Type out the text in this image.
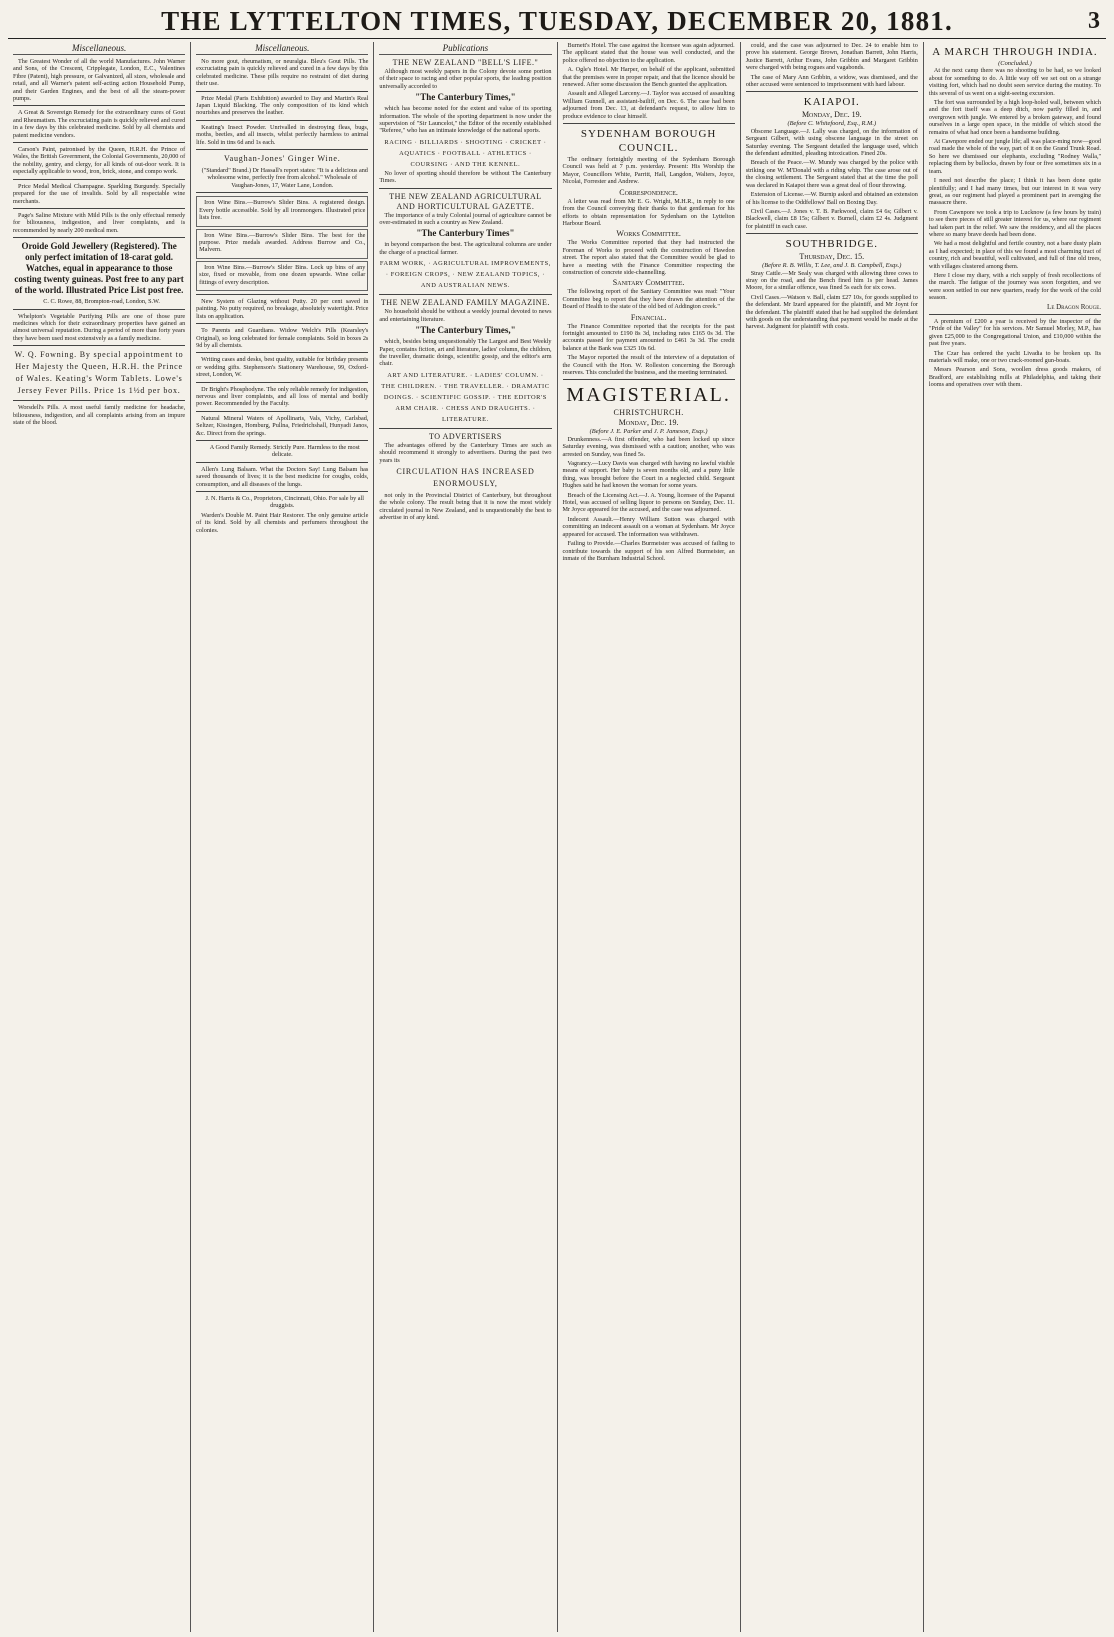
THE LYTTELTON TIMES, TUESDAY, DECEMBER 20, 1881.	3
Miscellaneous.

The Greatest Wonder of all the world Manufactures. John Warner and Sons, of the Crescent, Cripplegate, London, E.C., Valentines Fibre (Patent), high pressure, or Galvanized, all sizes, wholesale and retail, and all Warner's patent self-acting action Household Pump, and their Garden Engines, and the best of all the steam-power pumps.

A Great & Sovereign Remedy for the extraordinary cures of Gout and Rheumatism. The excruciating pain is quickly relieved and cured in a few days by this celebrated medicine. Sold by all chemists and patent medicine vendors.

Carson's Paint, patronised by the Queen, H.R.H. the Prince of Wales, the British Government, the Colonial Governments, 20,000 of the nobility, gentry, and clergy, for all kinds of out-door work. It is especially applicable to wood, iron, brick, stone, and compo work.

Price Medal Medical Champagne. Sparkling Burgundy. Specially prepared for the use of invalids. Sold by all respectable wine merchants.

Page's Saline Mixture with Mild Pills is the only effectual remedy for biliousness, indigestion, and liver complaints, and is recommended by nearly 200 medical men.

Oroide Gold Jewellery (Registered). The only perfect imitation of 18-carat gold. Watches, equal in appearance to those costing twenty guineas. Post free to any part of the world. Illustrated Price List post free.

C. C. Rowe, 88, Brompton-road, London, S.W.

Whelpton's Vegetable Purifying Pills are one of those pure medicines which for their extraordinary properties have gained an almost universal reputation. During a period of more than forty years they have been used most extensively as a family medicine.

W. Q. Fowning. By special appointment to Her Majesty the Queen, H.R.H. the Prince of Wales. Keating's Worm Tablets. Lowe's Jersey Fever Pills. Price 1s 1½d per box.

Worsdell's Pills. A most useful family medicine for headache, biliousness, indigestion, and all complaints arising from an impure state of the blood.

Miscellaneous.

No more gout, rheumatism, or neuralgia. Bleu's Gout Pills. The excruciating pain is quickly relieved and cured in a few days by this celebrated medicine. These pills require no restraint of diet during their use.

Prize Medal (Paris Exhibition) awarded to Day and Martin's Real Japan Liquid Blacking. The only composition of its kind which nourishes and preserves the leather.

Keating's Insect Powder. Unrivalled in destroying fleas, bugs, moths, beetles, and all insects, whilst perfectly harmless to animal life. Sold in tins 6d and 1s each.

Vaughan-Jones' Ginger Wine.

("Standard" Brand.) Dr Hassall's report states: "It is a delicious and wholesome wine, perfectly free from alcohol." Wholesale of Vaughan-Jones, 17, Water Lane, London.

Iron Wine Bins.—Burrow's Slider Bins. A registered design. Every bottle accessible. Sold by all ironmongers. Illustrated price lists free.

Iron Wine Bins.—Burrow's Slider Bins. The best for the purpose. Prize medals awarded. Address Burrow and Co., Malvern.

Iron Wine Bins.—Burrow's Slider Bins. Lock up bins of any size, fixed or movable, from one dozen upwards. Wine cellar fittings of every description.

New System of Glazing without Putty. 20 per cent saved in painting. No putty required, no breakage, absolutely watertight. Price lists on application.

To Parents and Guardians. Widow Welch's Pills (Kearsley's Original), so long celebrated for female complaints. Sold in boxes 2s 9d by all chemists.

Writing cases and desks, best quality, suitable for birthday presents or wedding gifts. Stephenson's Stationery Warehouse, 99, Oxford-street, London, W.

Dr Bright's Phosphodyne. The only reliable remedy for indigestion, nervous and liver complaints, and all loss of mental and bodily power. Recommended by the Faculty.

Natural Mineral Waters of Apollinaris, Vals, Vichy, Carlsbad, Seltzer, Kissingen, Homburg, Pullna, Friedrichshall, Hunyadi Janos, &c. Direct from the springs.

A Good Family Remedy. Strictly Pure. Harmless to the most delicate.

Allen's Lung Balsam. What the Doctors Say! Lung Balsam has saved thousands of lives; it is the best medicine for coughs, colds, consumption, and all diseases of the lungs.

J. N. Harris & Co., Proprietors, Cincinnati, Ohio. For sale by all druggists.

Warden's Double M. Paint Hair Restorer. The only genuine article of its kind. Sold by all chemists and perfumers throughout the colonies.

Publications
THE NEW ZEALAND "BELL'S LIFE."

Although most weekly papers in the Colony devote some portion of their space to racing and other popular sports, the leading position universally accorded to

"The Canterbury Times,"

which has become noted for the extent and value of its sporting information. The whole of the sporting department is now under the supervision of "Sir Launcelot," the Editor of the recently established "Referee," who has an intimate knowledge of the national sports.

RACING · BILLIARDS · SHOOTING · CRICKET · AQUATICS · FOOTBALL · ATHLETICS · COURSING · AND THE KENNEL.

No lover of sporting should therefore be without The Canterbury Times.

THE NEW ZEALAND AGRICULTURAL AND HORTICULTURAL GAZETTE.

The importance of a truly Colonial journal of agriculture cannot be over-estimated in such a country as New Zealand.

"The Canterbury Times"

in beyond comparison the best. The agricultural columns are under the charge of a practical farmer.

FARM WORK, · AGRICULTURAL IMPROVEMENTS, · FOREIGN CROPS, · NEW ZEALAND TOPICS, · AND AUSTRALIAN NEWS.
THE NEW ZEALAND FAMILY MAGAZINE.

No household should be without a weekly journal devoted to news and entertaining literature.

"The Canterbury Times,"

which, besides being unquestionably The Largest and Best Weekly Paper, contains fiction, art and literature, ladies' column, the children, the traveller, dramatic doings, scientific gossip, and the editor's arm chair.

ART AND LITERATURE. · LADIES' COLUMN. · THE CHILDREN. · THE TRAVELLER. · DRAMATIC DOINGS. · SCIENTIFIC GOSSIP. · THE EDITOR'S ARM CHAIR. · CHESS AND DRAUGHTS. · LITERATURE.
TO ADVERTISERS

The advantages offered by the Canterbury Times are such as should recommend it strongly to advertisers. During the past two years its

CIRCULATION HAS INCREASED ENORMOUSLY,

not only in the Provincial District of Canterbury, but throughout the whole colony. The result being that it is now the most widely circulated journal in New Zealand, and is unquestionably the best to advertise in of any kind.

Burnett's Hotel. The case against the licensee was again adjourned. The applicant stated that the house was well conducted, and the police offered no objection to the application.

A. Ogle's Hotel. Mr Harper, on behalf of the applicant, submitted that the premises were in proper repair, and that the licence should be renewed. After some discussion the Bench granted the application.

Assault and Alleged Larceny.—J. Taylor was accused of assaulting William Gunnell, an assistant-bailiff, on Dec. 6. The case had been adjourned from Dec. 13, at defendant's request, to allow him to produce evidence to clear himself.

SYDENHAM BOROUGH COUNCIL.

The ordinary fortnightly meeting of the Sydenham Borough Council was held at 7 p.m. yesterday. Present: His Worship the Mayor, Councillors White, Parritt, Hall, Langdon, Walters, Joyce, Nicolai, Forrester and Andrew.

Correspondence.

A letter was read from Mr E. G. Wright, M.H.R., in reply to one from the Council conveying their thanks to that gentleman for his efforts to obtain representation for Sydenham on the Lyttelton Harbour Board.

Works Committee.

The Works Committee reported that they had instructed the Foreman of Works to proceed with the construction of Hawdon street. The report also stated that the Committee would be glad to have a meeting with the Finance Committee respecting the construction of concrete side-channelling.

Sanitary Committee.

The following report of the Sanitary Committee was read: "Your Committee beg to report that they have drawn the attention of the Board of Health to the state of the old bed of Addington creek."

Financial.

The Finance Committee reported that the receipts for the past fortnight amounted to £190 8s 3d, including rates £165 0s 3d. The accounts passed for payment amounted to £461 3s 3d. The credit balance at the Bank was £325 10s 6d.

The Mayor reported the result of the interview of a deputation of the Council with the Hon. W. Rolleston concerning the Borough reserves. This concluded the business, and the meeting terminated.

MAGISTERIAL.
CHRISTCHURCH.
Monday, Dec. 19.
(Before J. E. Parker and J. P. Jameson, Esqs.)

Drunkenness.—A first offender, who had been locked up since Saturday evening, was dismissed with a caution; another, who was arrested on Sunday, was fined 5s.

Vagrancy.—Lucy Davis was charged with having no lawful visible means of support. Her baby is seven months old, and a puny little thing, was brought before the Court in a neglected child. Sergeant Hughes said he had known the woman for some years.

Breach of the Licensing Act.—J. A. Young, licensee of the Papanui Hotel, was accused of selling liquor to persons on Sunday, Dec. 11. Mr Joyce appeared for the accused, and the case was adjourned.

Indecent Assault.—Henry William Sutton was charged with committing an indecent assault on a woman at Sydenham. Mr Joyce appeared for accused. The information was withdrawn.

Failing to Provide.—Charles Burmeister was accused of failing to contribute towards the support of his son Alfred Burmeister, an inmate of the Burnham Industrial School.

could, and the case was adjourned to Dec. 24 to enable him to prove his statement. George Brown, Jonathan Barrett, John Harris, Justice Barrett, Arthur Evans, John Gribbin and Margaret Gribbin were charged with being rogues and vagabonds.

The case of Mary Ann Gribbin, a widow, was dismissed, and the other accused were sentenced to imprisonment with hard labour.

KAIAPOI.
Monday, Dec. 19.
(Before C. Whitefoord, Esq., R.M.)

Obscene Language.—J. Lally was charged, on the information of Sergeant Gilbert, with using obscene language in the street on Saturday evening. The Sergeant detailed the language used, which the defendant admitted, pleading intoxication. Fined 20s.

Breach of the Peace.—W. Mundy was charged by the police with striking one W. M'Donald with a riding whip. The case arose out of the closing settlement. The Sergeant stated that at the time the poll was declared in Kaiapoi there was a great deal of flour throwing.

Extension of License.—W. Burnip asked and obtained an extension of his license to the Oddfellows' Ball on Boxing Day.

Civil Cases.—J. Jones v. T. B. Parkwood, claim £4 6s; Gilbert v. Blackwell, claim £8 15s; Gilbert v. Burnell, claim £2 4s. Judgment for plaintiff in each case.

SOUTHBRIDGE.
Thursday, Dec. 15.
(Before R. B. Willis, T. Lee, and J. B. Campbell, Esqs.)

Stray Cattle.—Mr Sealy was charged with allowing three cows to stray on the road, and the Bench fined him 1s per head. James Moore, for a similar offence, was fined 5s each for six cows.

Civil Cases.—Watson v. Ball, claim £27 10s, for goods supplied to the defendant. Mr Izard appeared for the plaintiff, and Mr Joynt for the defendant. The plaintiff stated that he had supplied the defendant with goods on the understanding that payment would be made at the harvest. Judgment for plaintiff with costs.

A MARCH THROUGH INDIA.
(Concluded.)

At the next camp there was no shooting to be had, so we looked about for something to do. A little way off we set out on a strange visiting fort, which had no doubt seen service during the mutiny. To this several of us went on a sight-seeing excursion.

The fort was surrounded by a high loop-holed wall, between which and the fort itself was a deep ditch, now partly filled in, and overgrown with jungle. We entered by a broken gateway, and found ourselves in a large open space, in the middle of which stood the remains of what had once been a handsome building.

At Cawnpore ended our jungle life; all was place-ming now—good road made the whole of the way, part of it on the Grand Trunk Road. So here we dismissed our elephants, excluding "Rodney Walla," replacing them by bullocks, drawn by four or five sometimes six in a team.

I need not describe the place; I think it has been done quite plentifully; and I had many times, but our interest in it was very great, as our regiment had played a prominent part in avenging the massacre there.

From Cawnpore we took a trip to Lucknow (a few hours by train) to see there pieces of still greater interest for us, where our regiment had taken part in the relief. We saw the residency, and all the places where so many brave deeds had been done.

We had a most delightful and fertile country, not a bare dusty plain as I had expected; in place of this we found a most charming tract of country, rich and beautiful, well cultivated, and full of fine old trees, with villages clustered among them.

Here I close my diary, with a rich supply of fresh recollections of the march. The fatigue of the journey was soon forgotten, and we were soon settled in our new quarters, ready for the work of the cold season.

Le Dragon Rouge.

A premium of £200 a year is received by the inspector of the "Pride of the Valley" for his services. Mr Samuel Morley, M.P., has given £25,000 to the Congregational Union, and £10,000 within the past five years.

The Czar has ordered the yacht Livadia to be broken up. Its materials will make, one or two crack-roomed gun-boats.

Messrs Pearson and Sons, woollen dress goods makers, of Bradford, are establishing mills at Philadelphia, and taking their looms and operatives over with them.
